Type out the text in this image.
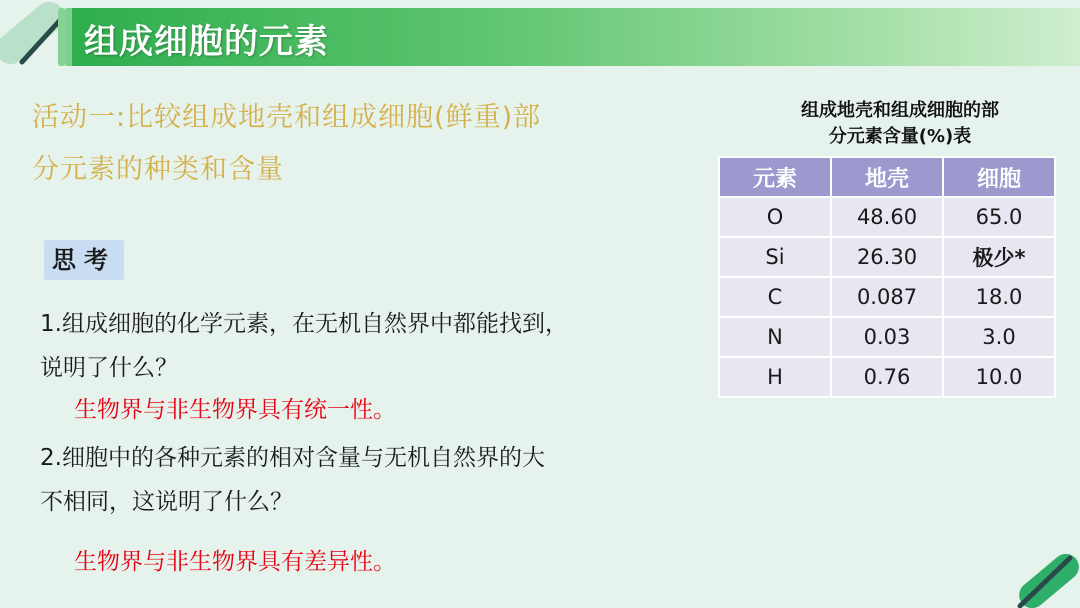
组成细胞的元素
活动一:比较组成地壳和组成细胞(鲜重)部
分元素的种类和含量
思考
1.组成细胞的化学元素，在无机自然界中都能找到，
说明了什么？
生物界与非生物界具有统一性。
2.细胞中的各种元素的相对含量与无机自然界的大
不相同，这说明了什么？
生物界与非生物界具有差异性。
组成地壳和组成细胞的部
分元素含量(%)表
元素	地壳	细胞
O	48.60	65.0
Si	26.30	极少*
C	0.087	18.0
N	0.03	3.0
H	0.76	10.0
